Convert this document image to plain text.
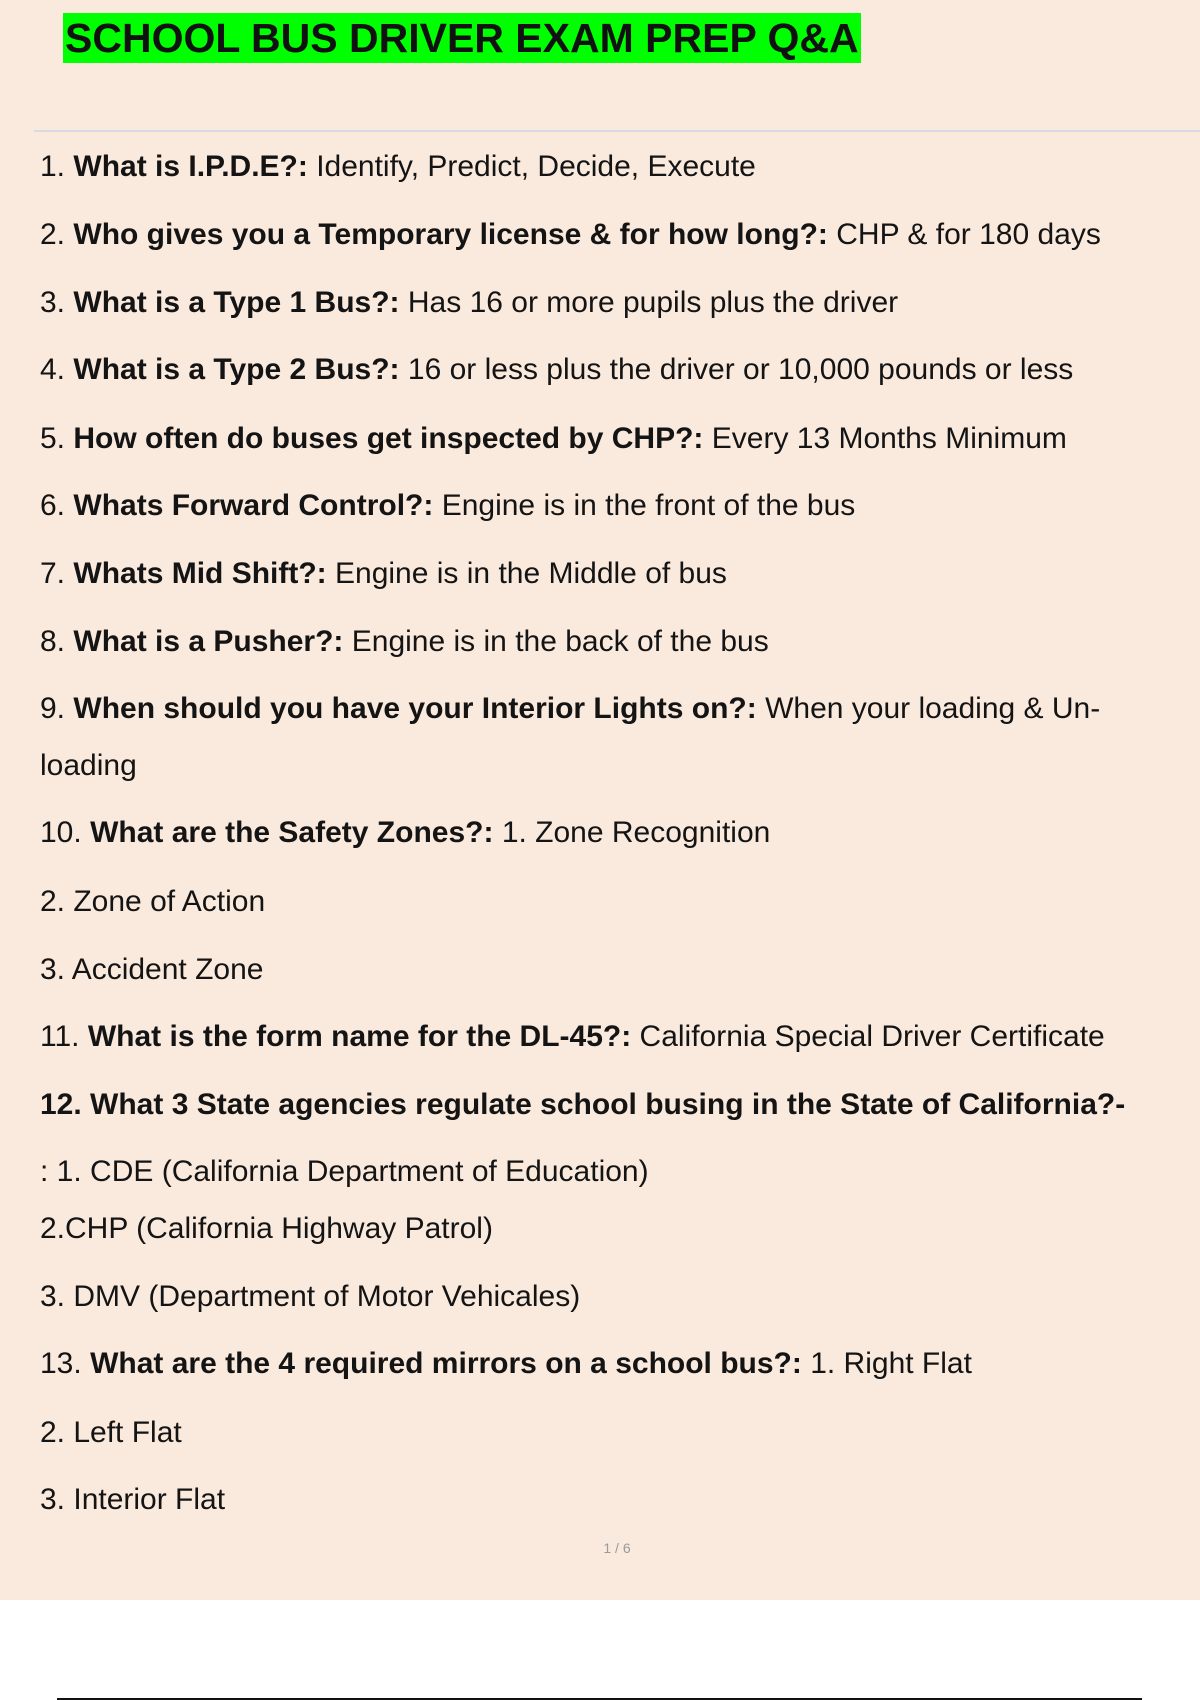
SCHOOL BUS DRIVER EXAM PREP Q&A
1. What is I.P.D.E?: Identify, Predict, Decide, Execute
2. Who gives you a Temporary license & for how long?: CHP & for 180 days
3. What is a Type 1 Bus?: Has 16 or more pupils plus the driver
4. What is a Type 2 Bus?: 16 or less plus the driver or 10,000 pounds or less
5. How often do buses get inspected by CHP?: Every 13 Months Minimum
6. Whats Forward Control?: Engine is in the front of the bus
7. Whats Mid Shift?: Engine is in the Middle of bus
8. What is a Pusher?: Engine is in the back of the bus
9. When should you have your Interior Lights on?: When your loading & Un-
loading
10. What are the Safety Zones?: 1. Zone Recognition
2. Zone of Action
3. Accident Zone
11. What is the form name for the DL-45?: California Special Driver Certificate
12. What 3 State agencies regulate school busing in the State of California?-
: 1. CDE (California Department of Education)
2.CHP (California Highway Patrol)
3. DMV (Department of Motor Vehicales)
13. What are the 4 required mirrors on a school bus?: 1. Right Flat
2. Left Flat
3. Interior Flat
1 / 6
